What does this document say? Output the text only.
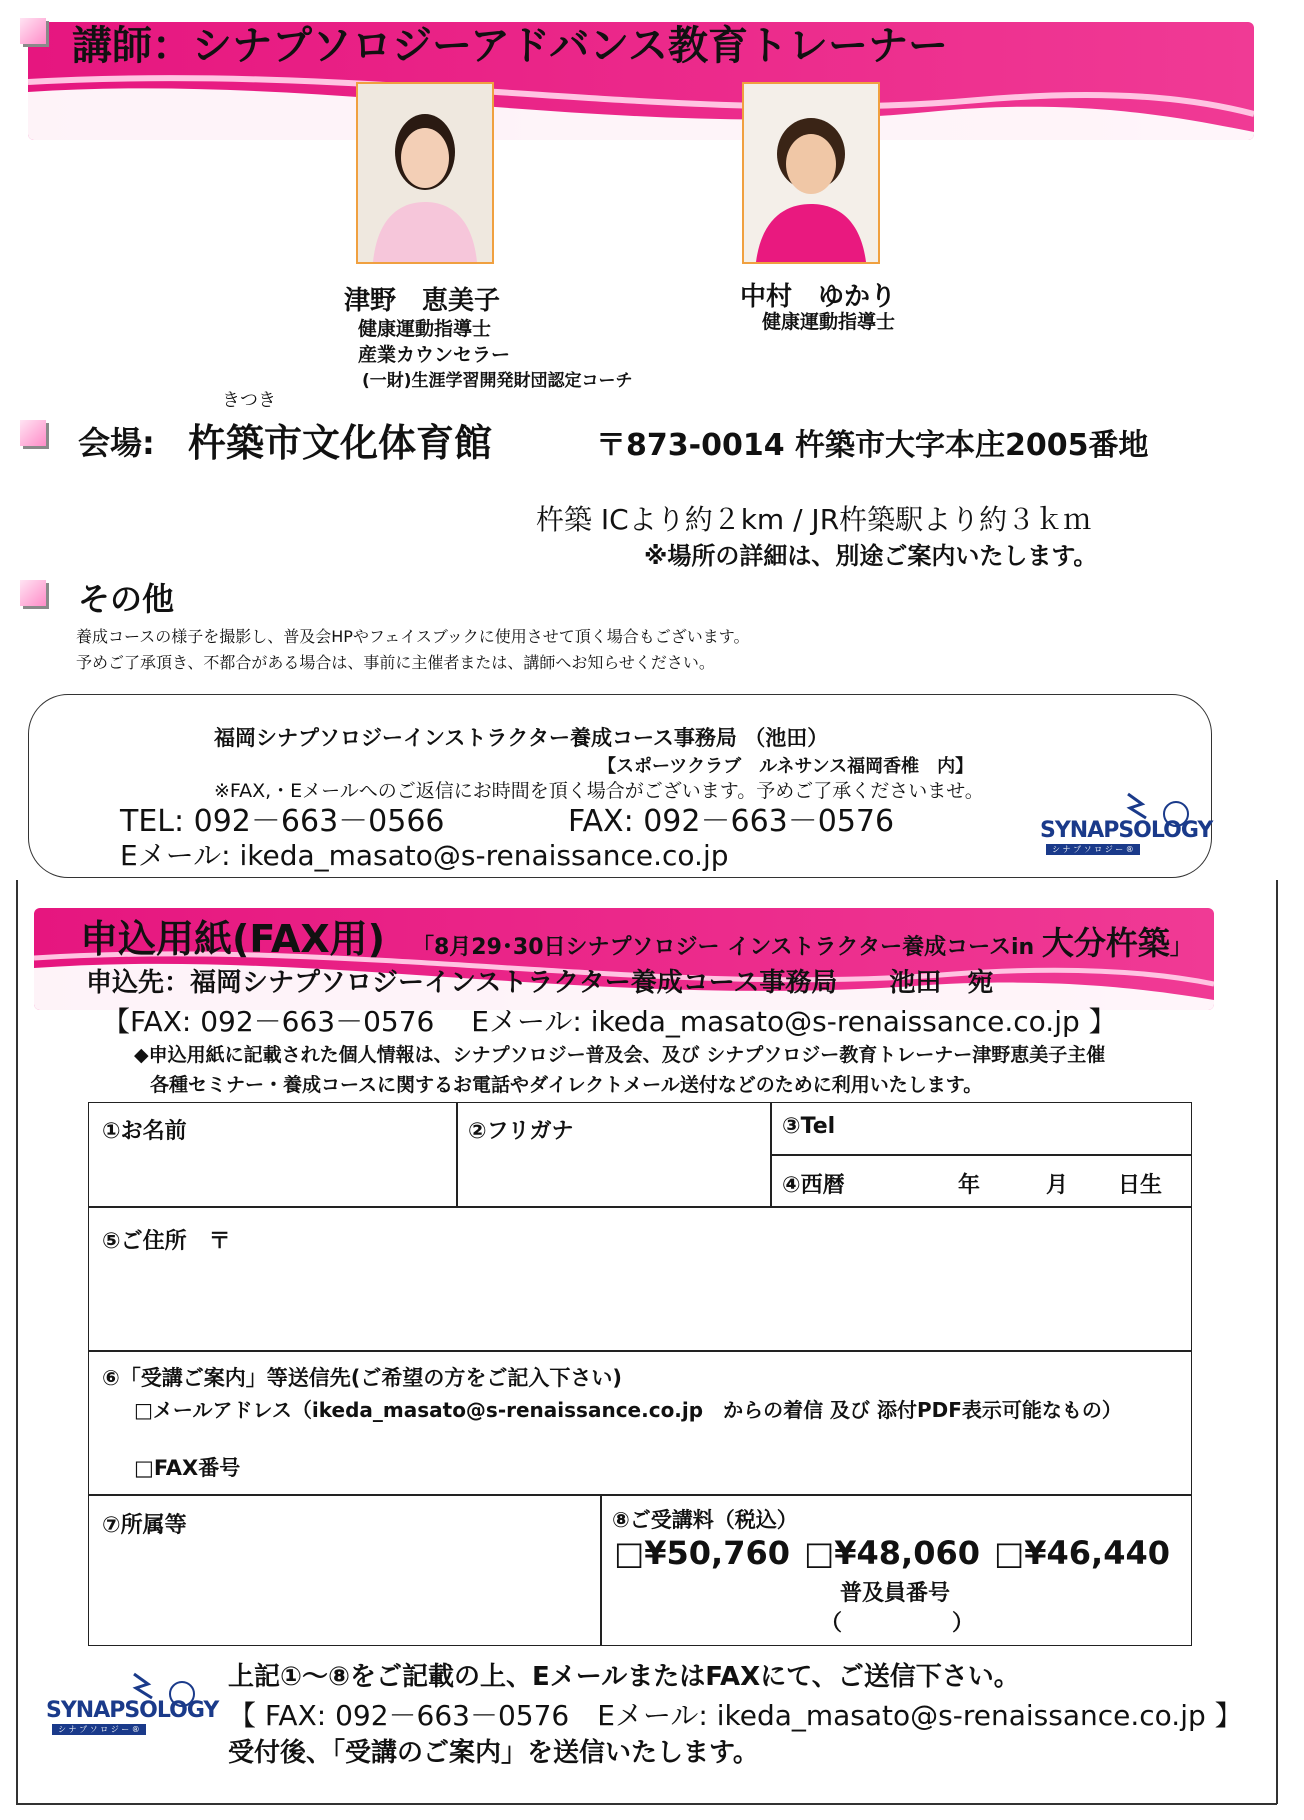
講師：シナプソロジーアドバンス教育トレーナー
津野　恵美子
健康運動指導士
産業カウンセラー
(一財)生涯学習開発財団認定コーチ
中村　ゆかり
健康運動指導士
きつき
会場: 杵築市文化体育館	〒873-0014 杵築市大字本庄2005番地
杵築 ICより約２km / JR杵築駅より約３ｋｍ
※場所の詳細は、別途ご案内いたします。
その他
養成コースの様子を撮影し、普及会HPやフェイスブックに使用させて頂く場合もございます。
予めご了承頂き、不都合がある場合は、事前に主催者または、講師へお知らせください。
福岡シナプソロジーインストラクター養成コース事務局 （池田）
【スポーツクラブ　ルネサンス福岡香椎　内】
※FAX,・Eメールへのご返信にお時間を頂く場合がございます。予めご了承くださいませ。
TEL: 092－663－0566	FAX: 092－663－0576
Eメール: ikeda_masato@s-renaissance.co.jp
SYNAPSOLOGY
シ ナ プ ソ ロ ジ ー ®
申込用紙(FAX用) 「8月29･30日シナプソロジー インストラクター養成コースin 大分杵築」
申込先：福岡シナプソロジーインストラクター養成コース事務局　　池田　宛
【FAX: 092－663－0576　 Eメール: ikeda_masato@s-renaissance.co.jp 】
◆申込用紙に記載された個人情報は、シナプソロジー普及会、及び シナプソロジー教育トレーナー津野恵美子主催
各種セミナー・養成コースに関するお電話やダイレクトメール送付などのために利用いたします。
①お名前	②フリガナ	③Tel
④西暦	年	月 日生
⑤ご住所　〒
⑥「受講ご案内」等送信先(ご希望の方をご記入下さい)
□メールアドレス（ikeda_masato@s-renaissance.co.jp　からの着信 及び 添付PDF表示可能なもの）
□FAX番号
⑦所属等	⑧ご受講料（税込）
□¥50,760 □¥48,060 □¥46,440
普及員番号
（　　　　　）
SYNAPSOLOGY
シ ナ プ ソ ロ ジ ー ®
上記①～⑧をご記載の上、EメールまたはFAXにて、ご送信下さい。
【 FAX: 092－663－0576　Eメール: ikeda_masato@s-renaissance.co.jp 】
受付後、「受講のご案内」を送信いたします。
